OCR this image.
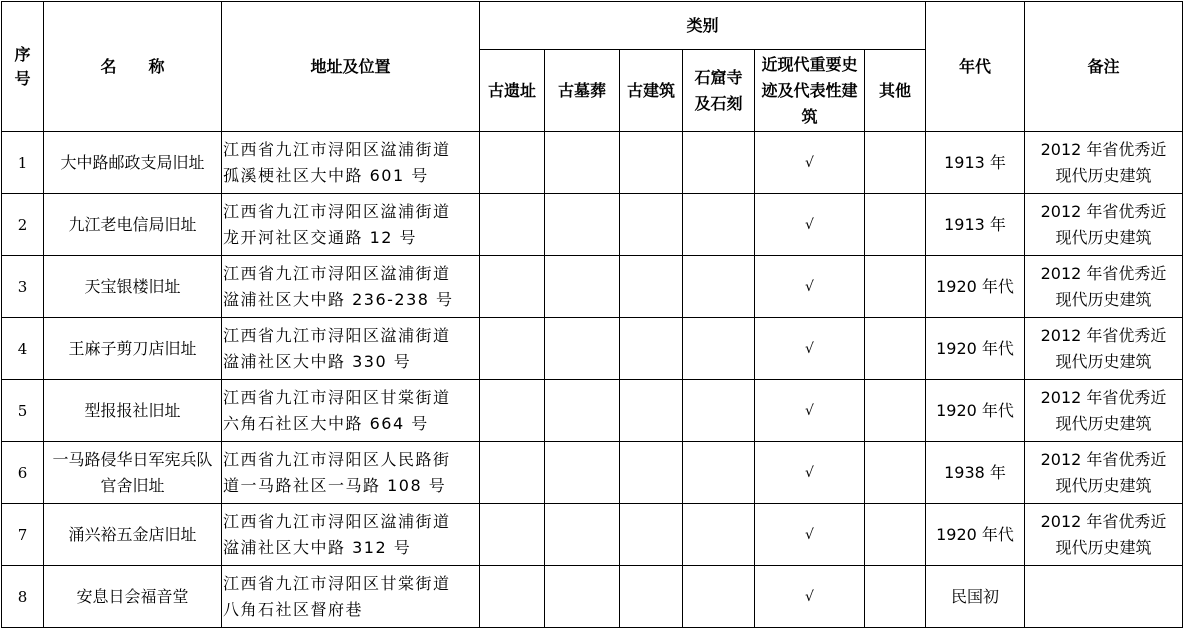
序号	名　　称	地址及位置	类别						年代	备注
			古遗址	古墓葬	古建筑	石窟寺及石刻	近现代重要史迹及代表性建筑	其他		
1	大中路邮政支局旧址	江西省九江市浔阳区湓浦街道
孤溪梗社区大中路 601 号					√		1913 年	2012 年省优秀近现代历史建筑

2	九江老电信局旧址	江西省九江市浔阳区湓浦街道
龙开河社区交通路 12 号					√		1913 年	2012 年省优秀近现代历史建筑

3	天宝银楼旧址	江西省九江市浔阳区湓浦街道
湓浦社区大中路 236-238 号					√		1920 年代	2012 年省优秀近现代历史建筑

4	王麻子剪刀店旧址	江西省九江市浔阳区湓浦街道
湓浦社区大中路 330 号					√		1920 年代	2012 年省优秀近现代历史建筑

5	型报报社旧址	江西省九江市浔阳区甘棠街道
六角石社区大中路 664 号					√		1920 年代	2012 年省优秀近现代历史建筑

6	一马路侵华日军宪兵队官舍旧址	江西省九江市浔阳区人民路街
道一马路社区一马路 108 号					√		1938 年	2012 年省优秀近现代历史建筑

7	涌兴裕五金店旧址	江西省九江市浔阳区湓浦街道
湓浦社区大中路 312 号					√		1920 年代	2012 年省优秀近现代历史建筑

8	安息日会福音堂	江西省九江市浔阳区甘棠街道
八角石社区督府巷					√		民国初	
